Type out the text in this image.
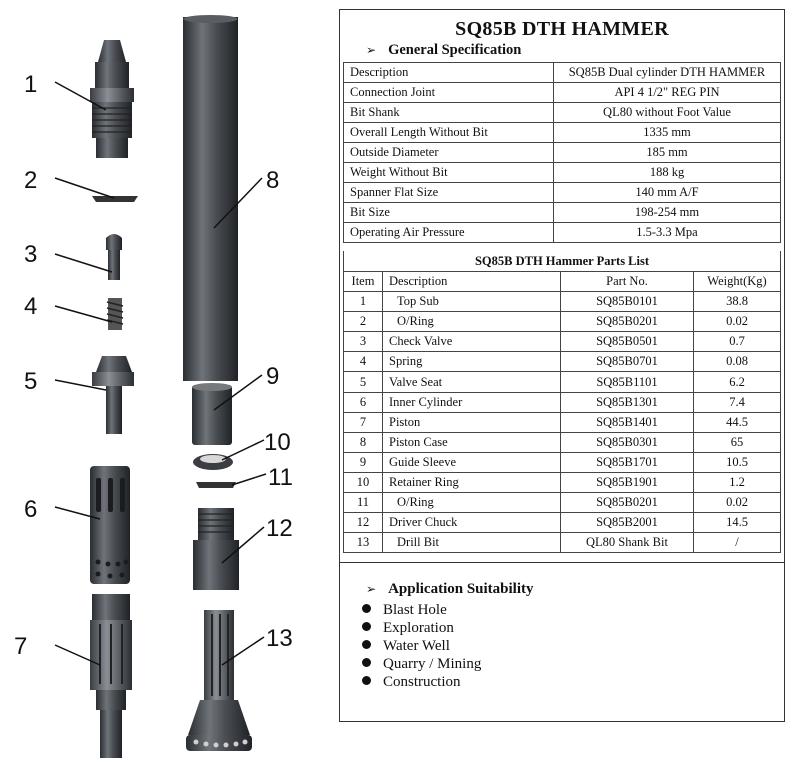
1
2
3
4
5
6
7
8
9
10
11
12
13
SQ85B DTH HAMMER
➢ General Specification
Description	SQ85B Dual cylinder DTH HAMMER
Connection Joint	API 4 1/2" REG PIN
Bit Shank	QL80 without Foot Value
Overall Length Without Bit	1335 mm
Outside Diameter	185 mm
Weight Without Bit	188 kg
Spanner Flat Size	140 mm A/F
Bit Size	198-254 mm
Operating Air Pressure	1.5-3.3 Mpa
SQ85B DTH Hammer Parts List
Item	Description	Part No.	Weight(Kg)
1	Top Sub	SQ85B0101	38.8
2	O/Ring	SQ85B0201	0.02
3	Check Valve	SQ85B0501	0.7
4	Spring	SQ85B0701	0.08
5	Valve Seat	SQ85B1101	6.2
6	Inner Cylinder	SQ85B1301	7.4
7	Piston	SQ85B1401	44.5
8	Piston Case	SQ85B0301	65
9	Guide Sleeve	SQ85B1701	10.5
10	Retainer Ring	SQ85B1901	1.2
11	O/Ring	SQ85B0201	0.02
12	Driver Chuck	SQ85B2001	14.5
13	Drill Bit	QL80 Shank Bit	/
➢ Application Suitability
Blast Hole
Exploration
Water Well
Quarry / Mining
Construction
